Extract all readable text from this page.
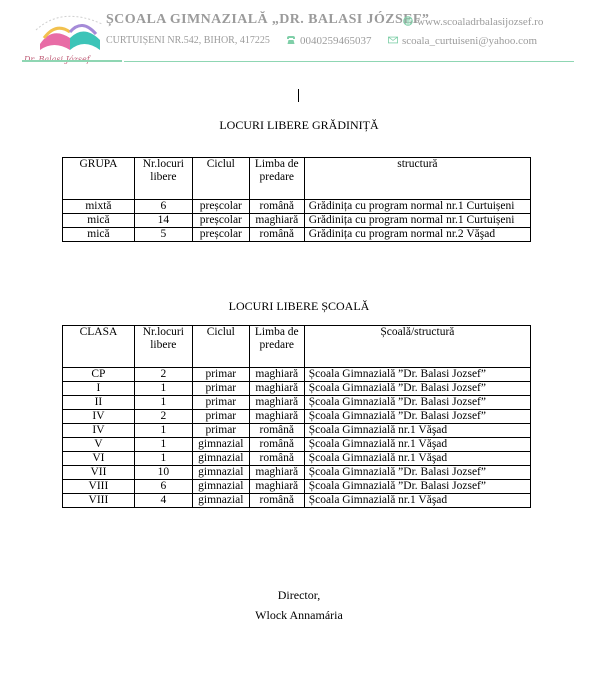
ȘCOALA GIMNAZIALĂ „DR. BALASI JÓZSEF”
www.scoaladrbalasijozsef.ro
CURTUIȘENI NR.542, BIHOR, 417225	0040259465037	scoala_curtuiseni@yahoo.com
LOCURI LIBERE GRĂDINIȚĂ
GRUPA	Nr.locuri libere	Ciclul	Limba de predare	structură
mixtă	6	preșcolar	română	Grădinița cu program normal nr.1 Curtuișeni
mică	14	preșcolar	maghiară	Grădinița cu program normal nr.1 Curtuișeni
mică	5	preșcolar	română	Grădinița cu program normal nr.2 Văşad
LOCURI LIBERE ȘCOALĂ
CLASA	Nr.locuri libere	Ciclul	Limba de predare	Școală/structură
CP	2	primar	maghiară	Școala Gimnazială ”Dr. Balasi Jozsef”
I	1	primar	maghiară	Școala Gimnazială ”Dr. Balasi Jozsef”
II	1	primar	maghiară	Școala Gimnazială ”Dr. Balasi Jozsef”
IV	2	primar	maghiară	Școala Gimnazială ”Dr. Balasi Jozsef”
IV	1	primar	română	Școala Gimnazială nr.1 Văşad
V	1	gimnazial	română	Școala Gimnazială nr.1 Văşad
VI	1	gimnazial	română	Școala Gimnazială nr.1 Văşad
VII	10	gimnazial	maghiară	Școala Gimnazială ”Dr. Balasi Jozsef”
VIII	6	gimnazial	maghiară	Școala Gimnazială ”Dr. Balasi Jozsef”
VIII	4	gimnazial	română	Școala Gimnazială nr.1 Văşad
Director,
Wlock Annamária
